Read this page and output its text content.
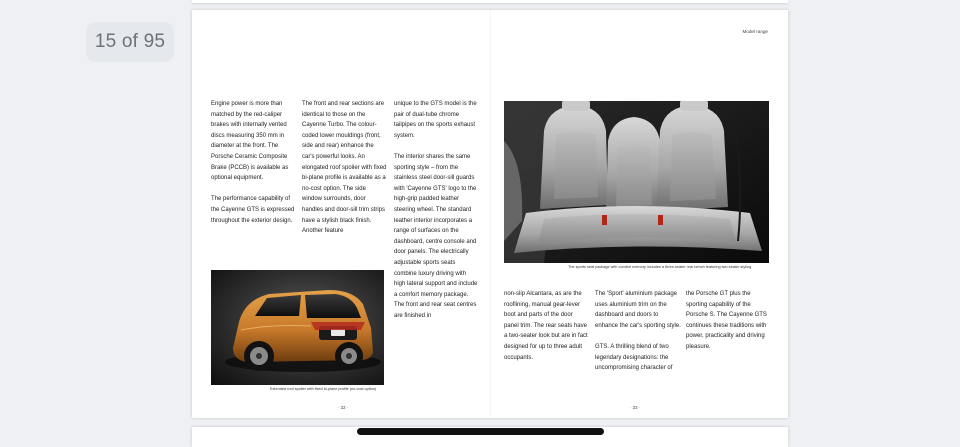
15 of 95	Model range

Engine power is more than matched by the red-caliper brakes with internally vented discs measuring 350 mm in diameter at the front. The Porsche Ceramic Composite Brake (PCCB) is available as optional equipment.

The performance capability of the Cayenne GTS is expressed throughout the exterior design.

The front and rear sections are identical to those on the Cayenne Turbo. The colour-coded lower mouldings (front, side and rear) enhance the car's powerful looks. An elongated roof spoiler with fixed bi-plane profile is available as a no-cost option. The side window surrounds, door handles and door-sill trim strips have a stylish black finish. Another feature

unique to the GTS model is the pair of dual-tube chrome tailpipes on the sports exhaust system.

The interior shares the same sporting style – from the stainless steel door-sill guards with 'Cayenne GTS' logo to the high-grip padded leather steering wheel. The standard leather interior incorporates a range of surfaces on the dashboard, centre console and door panels. The electrically adjustable sports seats combine luxury driving with high lateral support and include a comfort memory package. The front and rear seat centres are finished in

Extended roof spoiler with fixed bi-plane profile (no-cost option)
· 32 ·
The sports seat package with comfort memory includes a three-seater rear bench featuring two-seater styling

non-slip Alcantara, as are the rooflining, manual gear-lever boot and parts of the door panel trim. The rear seats have a two-seater look but are in fact designed for up to three adult occupants.

The 'Sport' aluminium package uses aluminium trim on the dashboard and doors to enhance the car's sporting style.

GTS. A thrilling blend of two legendary designations: the uncompromising character of

the Porsche GT plus the sporting capability of the Porsche S. The Cayenne GTS continues these traditions with power, practicality and driving pleasure.

· 33 ·
